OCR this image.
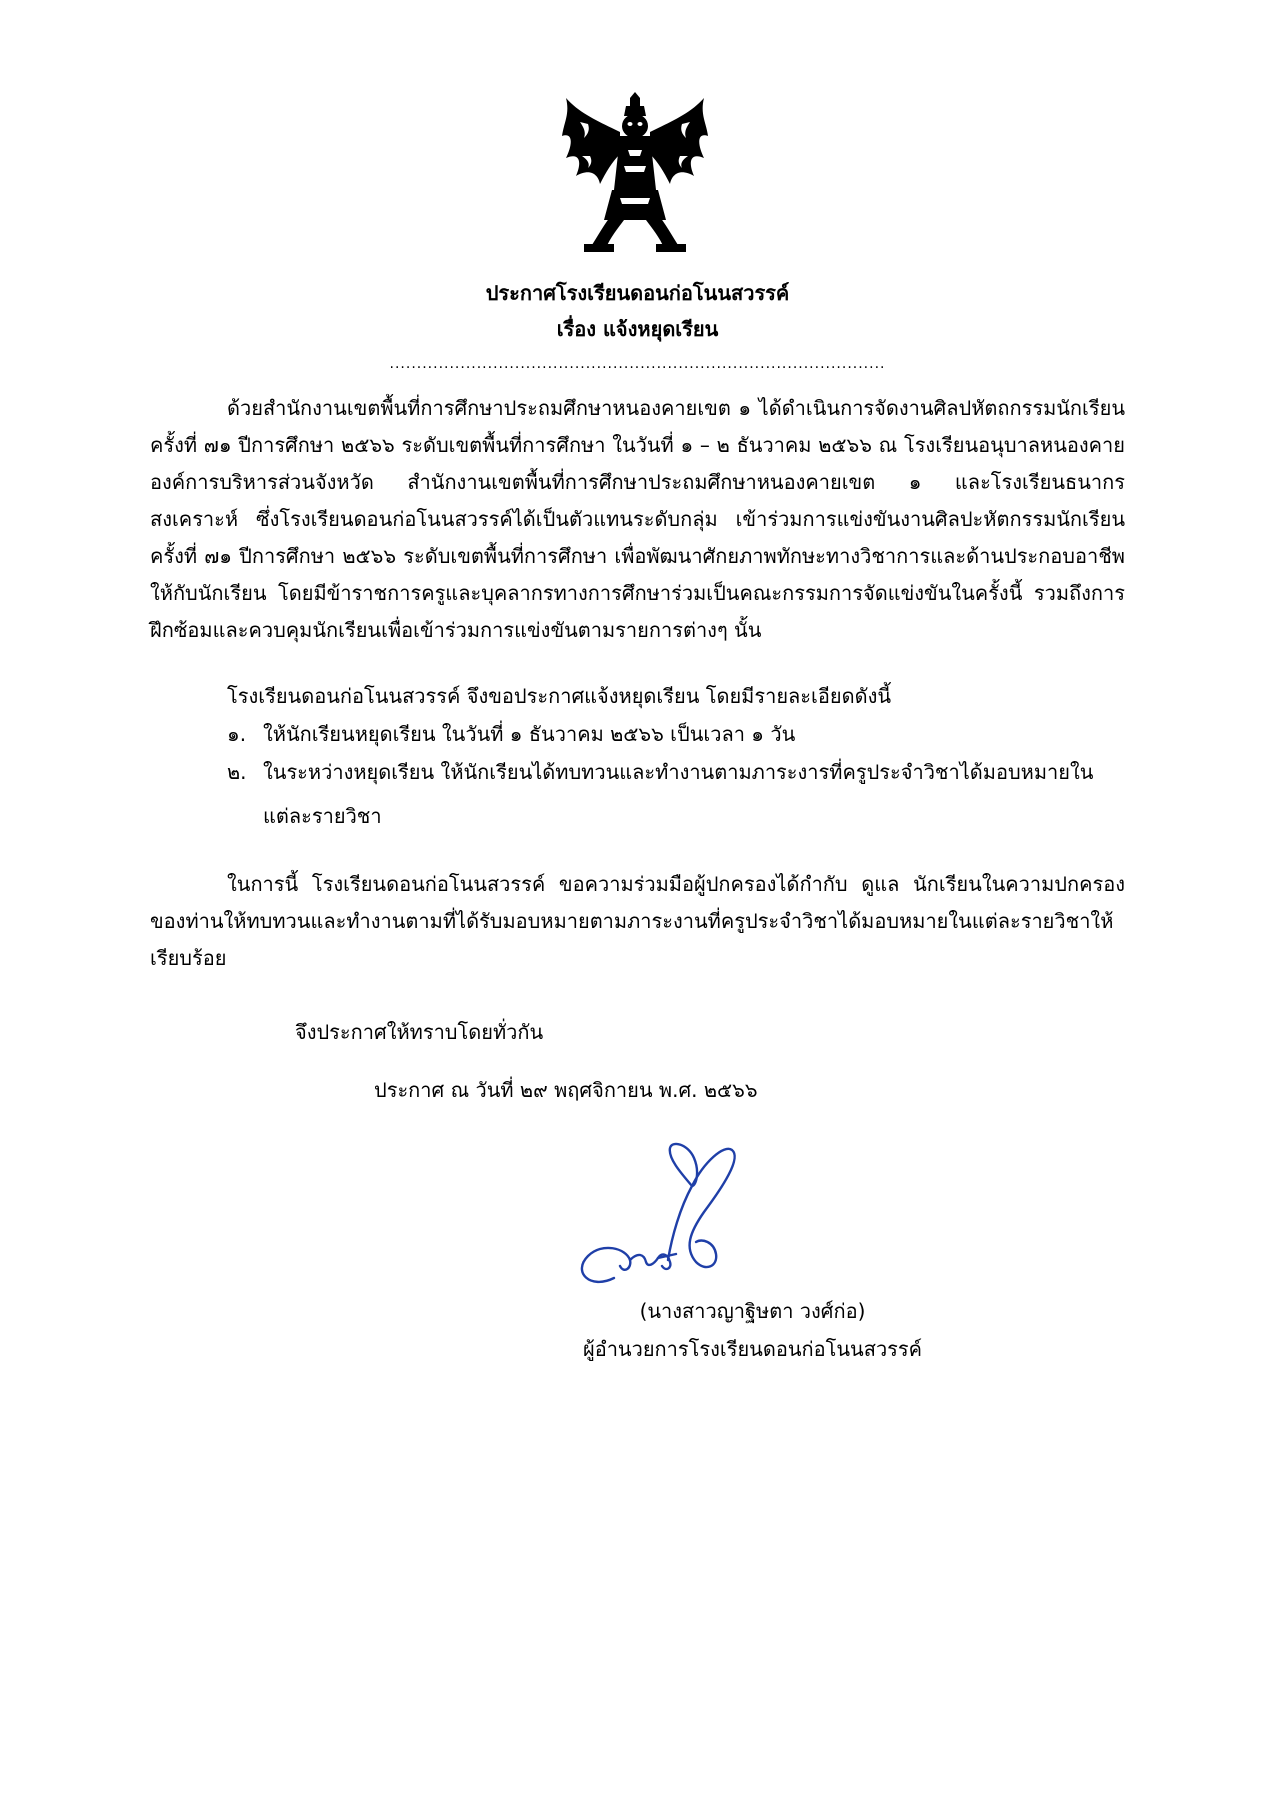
ประกาศโรงเรียนดอนก่อโนนสวรรค์
เรื่อง แจ้งหยุดเรียน
...........................................................................................

ด้วยสำนักงานเขตพื้นที่การศึกษาประถมศึกษาหนองคายเขต ๑ ได้ดำเนินการจัดงานศิลปหัตถกรรมนักเรียนครั้งที่ ๗๑ ปีการศึกษา ๒๕๖๖ ระดับเขตพื้นที่การศึกษา ในวันที่ ๑ – ๒ ธันวาคม ๒๕๖๖ ณ โรงเรียนอนุบาลหนองคาย องค์การบริหารส่วนจังหวัด สำนักงานเขตพื้นที่การศึกษาประถมศึกษาหนองคายเขต ๑ และโรงเรียนธนากรสงเคราะห์ ซึ่งโรงเรียนดอนก่อโนนสวรรค์ได้เป็นตัวแทนระดับกลุ่ม เข้าร่วมการแข่งขันงานศิลปะหัตกรรมนักเรียน ครั้งที่ ๗๑ ปีการศึกษา ๒๕๖๖ ระดับเขตพื้นที่การศึกษา เพื่อพัฒนาศักยภาพทักษะทางวิชาการและด้านประกอบอาชีพให้กับนักเรียน โดยมีข้าราชการครูและบุคลากรทางการศึกษาร่วมเป็นคณะกรรมการจัดแข่งขันในครั้งนี้ รวมถึงการฝึกซ้อมและควบคุมนักเรียนเพื่อเข้าร่วมการแข่งขันตามรายการต่างๆ นั้น

โรงเรียนดอนก่อโนนสวรรค์ จึงขอประกาศแจ้งหยุดเรียน โดยมีรายละเอียดดังนี้

๑. ให้นักเรียนหยุดเรียน ในวันที่ ๑ ธันวาคม ๒๕๖๖ เป็นเวลา ๑ วัน
๒. ในระหว่างหยุดเรียน ให้นักเรียนได้ทบทวนและทำงานตามภาระงารที่ครูประจำวิชาได้มอบหมายใน
แต่ละรายวิชา

ในการนี้ โรงเรียนดอนก่อโนนสวรรค์ ขอความร่วมมือผู้ปกครองได้กำกับ ดูแล นักเรียนในความปกครองของท่านให้ทบทวนและทำงานตามที่ได้รับมอบหมายตามภาระงานที่ครูประจำวิชาได้มอบหมายในแต่ละรายวิชาให้เรียบร้อย

จึงประกาศให้ทราบโดยทั่วกัน
ประกาศ ณ วันที่ ๒๙ พฤศจิกายน พ.ศ. ๒๕๖๖
(นางสาวญาฐิษตา วงศ์ก่อ)
ผู้อำนวยการโรงเรียนดอนก่อโนนสวรรค์
